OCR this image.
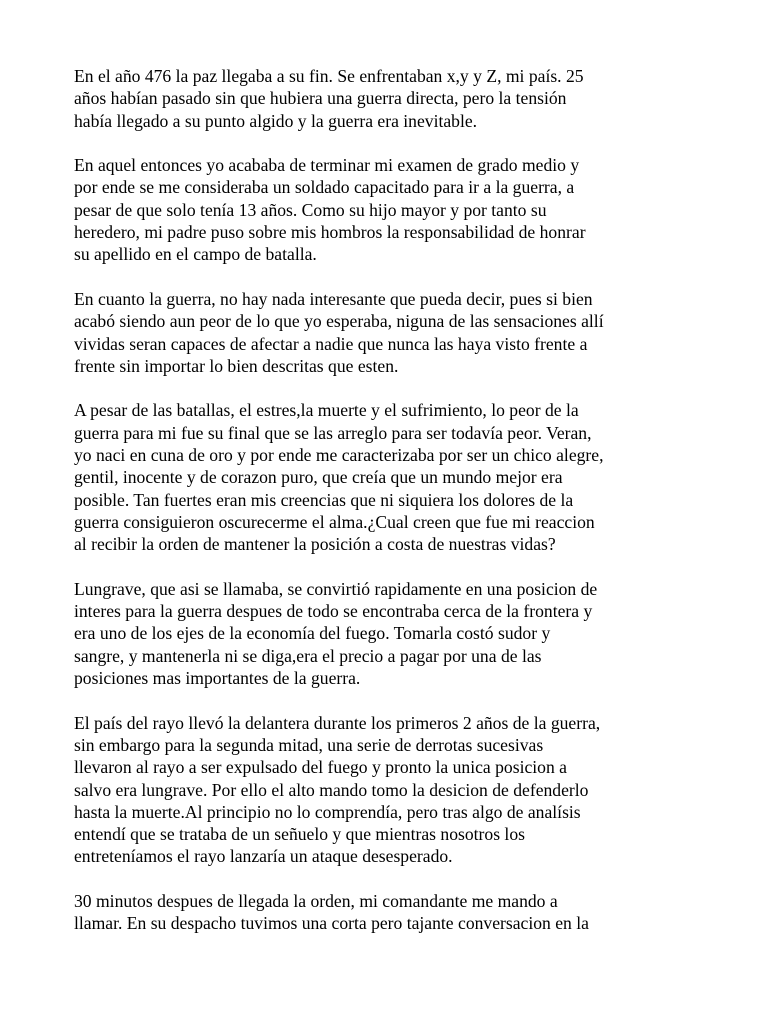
En el año 476 la paz llegaba a su fin. Se enfrentaban x,y y Z, mi país. 25
años habían pasado sin que hubiera una guerra directa, pero la tensión
había llegado a su punto algido y la guerra era inevitable.

En aquel entonces yo acababa de terminar mi examen de grado medio y
por ende se me consideraba un soldado capacitado para ir a la guerra, a
pesar de que solo tenía 13 años. Como su hijo mayor y por tanto su
heredero, mi padre puso sobre mis hombros la responsabilidad de honrar
su apellido en el campo de batalla.

En cuanto la guerra, no hay nada interesante que pueda decir, pues si bien
acabó siendo aun peor de lo que yo esperaba, niguna de las sensaciones allí
vividas seran capaces de afectar a nadie que nunca las haya visto frente a
frente sin importar lo bien descritas que esten.

A pesar de las batallas, el estres,la muerte y el sufrimiento, lo peor de la
guerra para mi fue su final que se las arreglo para ser todavía peor. Veran,
yo naci en cuna de oro y por ende me caracterizaba por ser un chico alegre,
gentil, inocente y de corazon puro, que creía que un mundo mejor era
posible. Tan fuertes eran mis creencias que ni siquiera los dolores de la
guerra consiguieron oscurecerme el alma.¿Cual creen que fue mi reaccion
al recibir la orden de mantener la posición a costa de nuestras vidas?

Lungrave, que asi se llamaba, se convirtió rapidamente en una posicion de
interes para la guerra despues de todo se encontraba cerca de la frontera y
era uno de los ejes de la economía del fuego. Tomarla costó sudor y
sangre, y mantenerla ni se diga,era el precio a pagar por una de las
posiciones mas importantes de la guerra.

El país del rayo llevó la delantera durante los primeros 2 años de la guerra,
sin embargo para la segunda mitad, una serie de derrotas sucesivas
llevaron al rayo a ser expulsado del fuego y pronto la unica posicion a
salvo era lungrave. Por ello el alto mando tomo la desicion de defenderlo
hasta la muerte.Al principio no lo comprendía, pero tras algo de analísis
entendí que se trataba de un señuelo y que mientras nosotros los
entreteníamos el rayo lanzaría un ataque desesperado.

30 minutos despues de llegada la orden, mi comandante me mando a
llamar. En su despacho tuvimos una corta pero tajante conversacion en la
